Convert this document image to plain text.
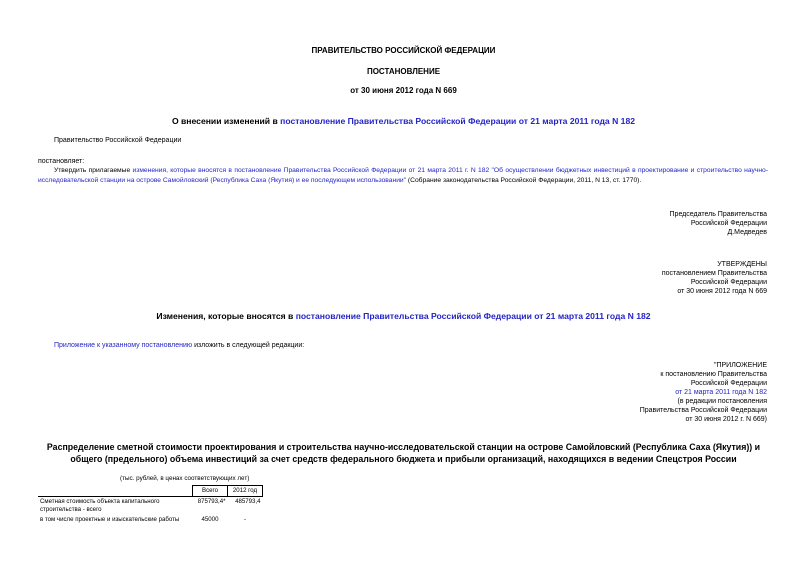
ПРАВИТЕЛЬСТВО РОССИЙСКОЙ ФЕДЕРАЦИИ
ПОСТАНОВЛЕНИЕ
от 30 июня 2012 года N 669
О внесении изменений в постановление Правительства Российской Федерации от 21 марта 2011 года N 182
Правительство Российской Федерации
постановляет:
Утвердить прилагаемые изменения, которые вносятся в постановление Правительства Российской Федерации от 21 марта 2011 г. N 182 "Об осуществлении бюджетных инвестиций в проектирование и строительство научно-исследовательской станции на острове Самойловский (Республика Саха (Якутия) и ее последующем использовании" (Собрание законодательства Российской Федерации, 2011, N 13, ст. 1770).
Председатель Правительства
Российской Федерации
Д.Медведев
УТВЕРЖДЕНЫ
постановлением Правительства
Российской Федерации
от 30 июня 2012 года N 669
Изменения, которые вносятся в постановление Правительства Российской Федерации от 21 марта 2011 года N 182
Приложение к указанному постановлению изложить в следующей редакции:
"ПРИЛОЖЕНИЕ
к постановлению Правительства
Российской Федерации
от 21 марта 2011 года N 182
(в редакции постановления
Правительства Российской Федерации
от 30 июня 2012 г. N 669)
Распределение сметной стоимости проектирования и строительства научно-исследовательской станции на острове Самойловский (Республика Саха (Якутия)) и
общего (предельного) объема инвестиций за счет средств федерального бюджета и прибыли организаций, находящихся в ведении Спецстроя России
(тыс. рублей, в ценах соответствующих лет)
	Всего	2012 год
Сметная стоимость объекта капитального строительства - всего	875793,4*	485793,4
в том числе проектные и изыскательские работы	45000	-
